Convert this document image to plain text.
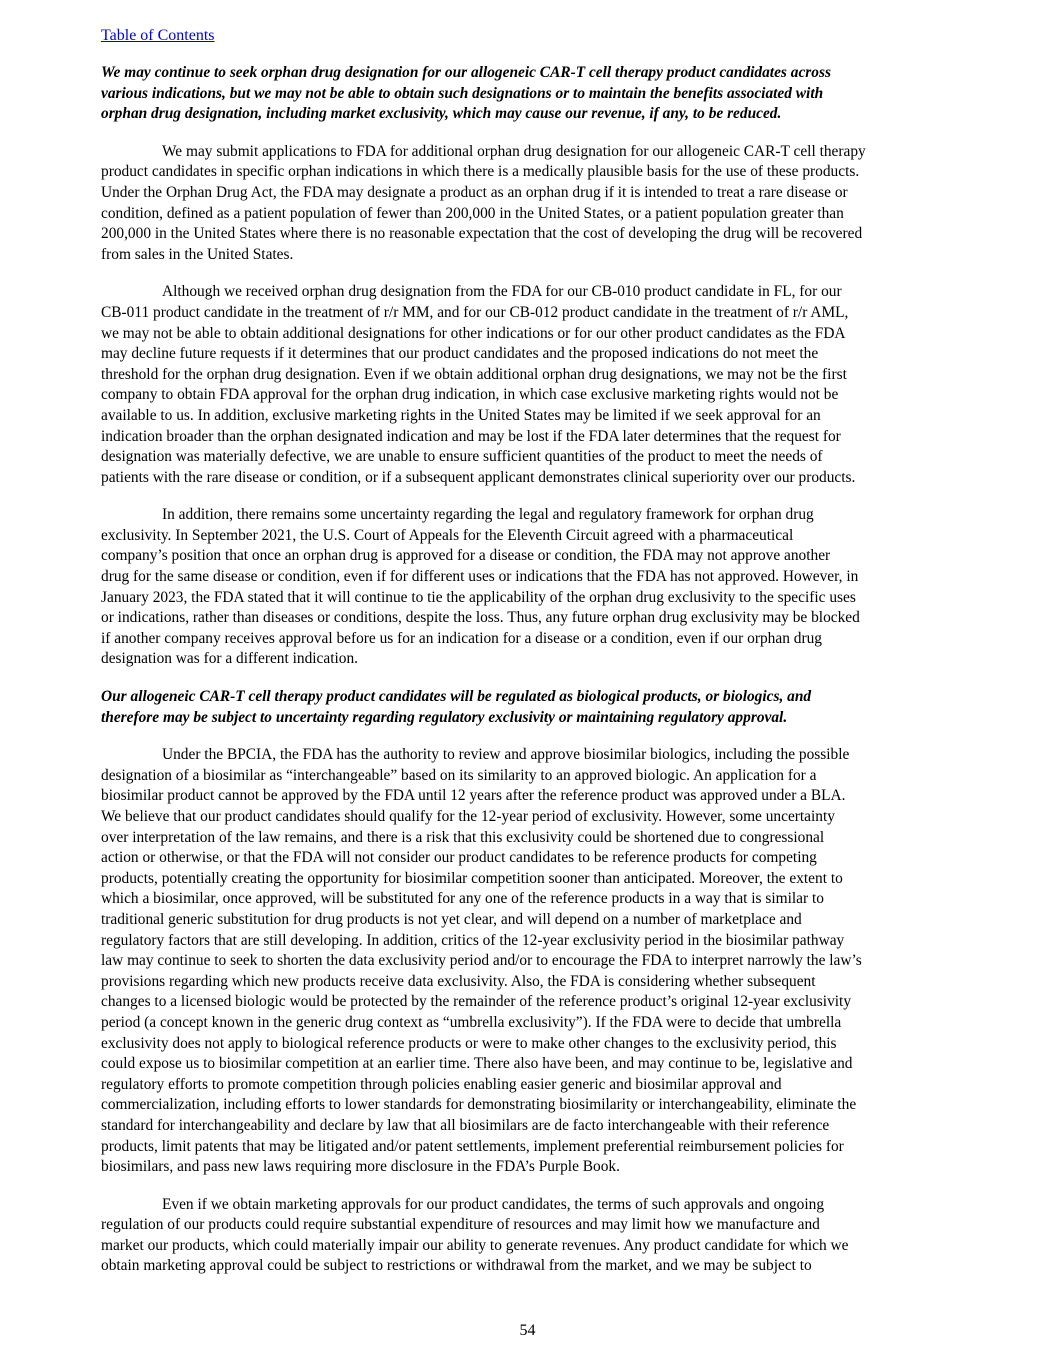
Table of Contents

We may continue to seek orphan drug designation for our allogeneic CAR-T cell therapy product candidates across
various indications, but we may not be able to obtain such designations or to maintain the benefits associated with
orphan drug designation, including market exclusivity, which may cause our revenue, if any, to be reduced.

We may submit applications to FDA for additional orphan drug designation for our allogeneic CAR-T cell therapy
product candidates in specific orphan indications in which there is a medically plausible basis for the use of these products.
Under the Orphan Drug Act, the FDA may designate a product as an orphan drug if it is intended to treat a rare disease or
condition, defined as a patient population of fewer than 200,000 in the United States, or a patient population greater than
200,000 in the United States where there is no reasonable expectation that the cost of developing the drug will be recovered
from sales in the United States.

Although we received orphan drug designation from the FDA for our CB-010 product candidate in FL, for our
CB-011 product candidate in the treatment of r/r MM, and for our CB-012 product candidate in the treatment of r/r AML,
we may not be able to obtain additional designations for other indications or for our other product candidates as the FDA
may decline future requests if it determines that our product candidates and the proposed indications do not meet the
threshold for the orphan drug designation. Even if we obtain additional orphan drug designations, we may not be the first
company to obtain FDA approval for the orphan drug indication, in which case exclusive marketing rights would not be
available to us. In addition, exclusive marketing rights in the United States may be limited if we seek approval for an
indication broader than the orphan designated indication and may be lost if the FDA later determines that the request for
designation was materially defective, we are unable to ensure sufficient quantities of the product to meet the needs of
patients with the rare disease or condition, or if a subsequent applicant demonstrates clinical superiority over our products.

In addition, there remains some uncertainty regarding the legal and regulatory framework for orphan drug
exclusivity. In September 2021, the U.S. Court of Appeals for the Eleventh Circuit agreed with a pharmaceutical
company’s position that once an orphan drug is approved for a disease or condition, the FDA may not approve another
drug for the same disease or condition, even if for different uses or indications that the FDA has not approved. However, in
January 2023, the FDA stated that it will continue to tie the applicability of the orphan drug exclusivity to the specific uses
or indications, rather than diseases or conditions, despite the loss. Thus, any future orphan drug exclusivity may be blocked
if another company receives approval before us for an indication for a disease or a condition, even if our orphan drug
designation was for a different indication.

Our allogeneic CAR-T cell therapy product candidates will be regulated as biological products, or biologics, and
therefore may be subject to uncertainty regarding regulatory exclusivity or maintaining regulatory approval.

Under the BPCIA, the FDA has the authority to review and approve biosimilar biologics, including the possible
designation of a biosimilar as “interchangeable” based on its similarity to an approved biologic. An application for a
biosimilar product cannot be approved by the FDA until 12 years after the reference product was approved under a BLA.
We believe that our product candidates should qualify for the 12-year period of exclusivity. However, some uncertainty
over interpretation of the law remains, and there is a risk that this exclusivity could be shortened due to congressional
action or otherwise, or that the FDA will not consider our product candidates to be reference products for competing
products, potentially creating the opportunity for biosimilar competition sooner than anticipated. Moreover, the extent to
which a biosimilar, once approved, will be substituted for any one of the reference products in a way that is similar to
traditional generic substitution for drug products is not yet clear, and will depend on a number of marketplace and
regulatory factors that are still developing. In addition, critics of the 12-year exclusivity period in the biosimilar pathway
law may continue to seek to shorten the data exclusivity period and/or to encourage the FDA to interpret narrowly the law’s
provisions regarding which new products receive data exclusivity. Also, the FDA is considering whether subsequent
changes to a licensed biologic would be protected by the remainder of the reference product’s original 12-year exclusivity
period (a concept known in the generic drug context as “umbrella exclusivity”). If the FDA were to decide that umbrella
exclusivity does not apply to biological reference products or were to make other changes to the exclusivity period, this
could expose us to biosimilar competition at an earlier time. There also have been, and may continue to be, legislative and
regulatory efforts to promote competition through policies enabling easier generic and biosimilar approval and
commercialization, including efforts to lower standards for demonstrating biosimilarity or interchangeability, eliminate the
standard for interchangeability and declare by law that all biosimilars are de facto interchangeable with their reference
products, limit patents that may be litigated and/or patent settlements, implement preferential reimbursement policies for
biosimilars, and pass new laws requiring more disclosure in the FDA’s Purple Book.

Even if we obtain marketing approvals for our product candidates, the terms of such approvals and ongoing
regulation of our products could require substantial expenditure of resources and may limit how we manufacture and
market our products, which could materially impair our ability to generate revenues. Any product candidate for which we
obtain marketing approval could be subject to restrictions or withdrawal from the market, and we may be subject to

54
